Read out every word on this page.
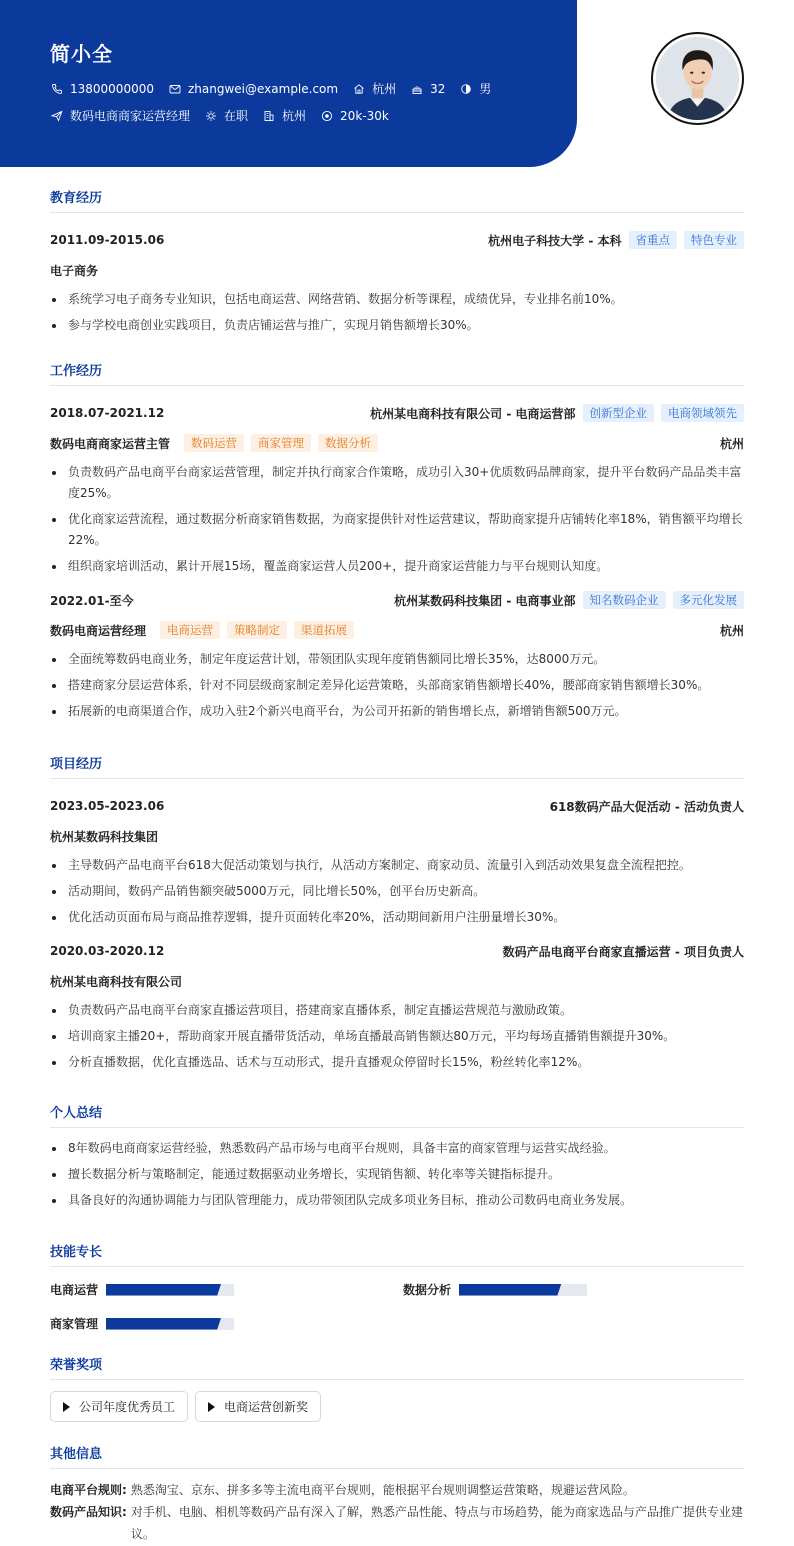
简小全
13800000000	zhangwei@example.com	杭州	32	男
数码电商商家运营经理	在职	杭州	20k-30k
教育经历
2011.09-2015.06	杭州电子科技大学 - 本科	省重点	特色专业
电子商务
系统学习电子商务专业知识，包括电商运营、网络营销、数据分析等课程，成绩优异，专业排名前10%。
参与学校电商创业实践项目，负责店铺运营与推广，实现月销售额增长30%。
工作经历
2018.07-2021.12	杭州某电商科技有限公司 - 电商运营部	创新型企业	电商领域领先
数码电商商家运营主管	数码运营	商家管理	数据分析	杭州
负责数码产品电商平台商家运营管理，制定并执行商家合作策略，成功引入30+优质数码品牌商家，提升平台数码产品品类丰富度25%。
优化商家运营流程，通过数据分析商家销售数据，为商家提供针对性运营建议，帮助商家提升店铺转化率18%，销售额平均增长22%。
组织商家培训活动，累计开展15场，覆盖商家运营人员200+，提升商家运营能力与平台规则认知度。
2022.01-至今	杭州某数码科技集团 - 电商事业部	知名数码企业	多元化发展
数码电商运营经理	电商运营	策略制定	渠道拓展	杭州
全面统筹数码电商业务，制定年度运营计划，带领团队实现年度销售额同比增长35%，达8000万元。
搭建商家分层运营体系，针对不同层级商家制定差异化运营策略，头部商家销售额增长40%，腰部商家销售额增长30%。
拓展新的电商渠道合作，成功入驻2个新兴电商平台，为公司开拓新的销售增长点，新增销售额500万元。
项目经历
2023.05-2023.06	618数码产品大促活动 - 活动负责人
杭州某数码科技集团
主导数码产品电商平台618大促活动策划与执行，从活动方案制定、商家动员、流量引入到活动效果复盘全流程把控。
活动期间，数码产品销售额突破5000万元，同比增长50%，创平台历史新高。
优化活动页面布局与商品推荐逻辑，提升页面转化率20%，活动期间新用户注册量增长30%。
2020.03-2020.12	数码产品电商平台商家直播运营 - 项目负责人
杭州某电商科技有限公司
负责数码产品电商平台商家直播运营项目，搭建商家直播体系，制定直播运营规范与激励政策。
培训商家主播20+，帮助商家开展直播带货活动，单场直播最高销售额达80万元，平均每场直播销售额提升30%。
分析直播数据，优化直播选品、话术与互动形式，提升直播观众停留时长15%，粉丝转化率12%。
个人总结
8年数码电商商家运营经验，熟悉数码产品市场与电商平台规则，具备丰富的商家管理与运营实战经验。
擅长数据分析与策略制定，能通过数据驱动业务增长，实现销售额、转化率等关键指标提升。
具备良好的沟通协调能力与团队管理能力，成功带领团队完成多项业务目标，推动公司数码电商业务发展。
技能专长
电商运营	数据分析
商家管理
荣誉奖项
公司年度优秀员工	电商运营创新奖
其他信息
电商平台规则: 熟悉淘宝、京东、拼多多等主流电商平台规则，能根据平台规则调整运营策略，规避运营风险。
数码产品知识: 对手机、电脑、相机等数码产品有深入了解，熟悉产品性能、特点与市场趋势，能为商家选品与产品推广提供专业建议。
